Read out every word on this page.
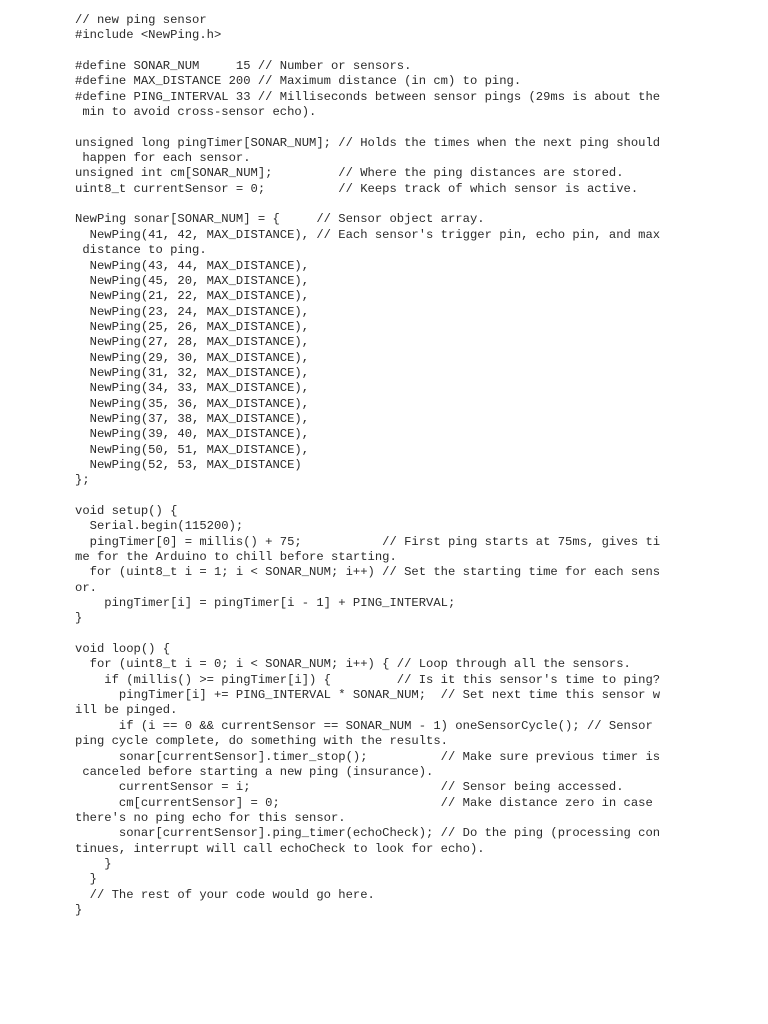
// new ping sensor
#include <NewPing.h>
#define SONAR_NUM     15 // Number or sensors.
#define MAX_DISTANCE 200 // Maximum distance (in cm) to ping.
#define PING_INTERVAL 33 // Milliseconds between sensor pings (29ms is about the
min to avoid cross-sensor echo).
unsigned long pingTimer[SONAR_NUM]; // Holds the times when the next ping should
happen for each sensor.
unsigned int cm[SONAR_NUM];         // Where the ping distances are stored.
uint8_t currentSensor = 0;          // Keeps track of which sensor is active.
NewPing sonar[SONAR_NUM] = {     // Sensor object array.
NewPing(41, 42, MAX_DISTANCE), // Each sensor's trigger pin, echo pin, and max
distance to ping.
NewPing(43, 44, MAX_DISTANCE),
NewPing(45, 20, MAX_DISTANCE),
NewPing(21, 22, MAX_DISTANCE),
NewPing(23, 24, MAX_DISTANCE),
NewPing(25, 26, MAX_DISTANCE),
NewPing(27, 28, MAX_DISTANCE),
NewPing(29, 30, MAX_DISTANCE),
NewPing(31, 32, MAX_DISTANCE),
NewPing(34, 33, MAX_DISTANCE),
NewPing(35, 36, MAX_DISTANCE),
NewPing(37, 38, MAX_DISTANCE),
NewPing(39, 40, MAX_DISTANCE),
NewPing(50, 51, MAX_DISTANCE),
NewPing(52, 53, MAX_DISTANCE)
};
void setup() {
Serial.begin(115200);
pingTimer[0] = millis() + 75;           // First ping starts at 75ms, gives ti
me for the Arduino to chill before starting.
for (uint8_t i = 1; i < SONAR_NUM; i++) // Set the starting time for each sens
or.
pingTimer[i] = pingTimer[i - 1] + PING_INTERVAL;
}
void loop() {
for (uint8_t i = 0; i < SONAR_NUM; i++) { // Loop through all the sensors.
if (millis() >= pingTimer[i]) {         // Is it this sensor's time to ping?
pingTimer[i] += PING_INTERVAL * SONAR_NUM;  // Set next time this sensor w
ill be pinged.
if (i == 0 && currentSensor == SONAR_NUM - 1) oneSensorCycle(); // Sensor
ping cycle complete, do something with the results.
sonar[currentSensor].timer_stop();          // Make sure previous timer is
canceled before starting a new ping (insurance).
currentSensor = i;                          // Sensor being accessed.
cm[currentSensor] = 0;                      // Make distance zero in case
there's no ping echo for this sensor.
sonar[currentSensor].ping_timer(echoCheck); // Do the ping (processing con
tinues, interrupt will call echoCheck to look for echo).
}
}
// The rest of your code would go here.
}
